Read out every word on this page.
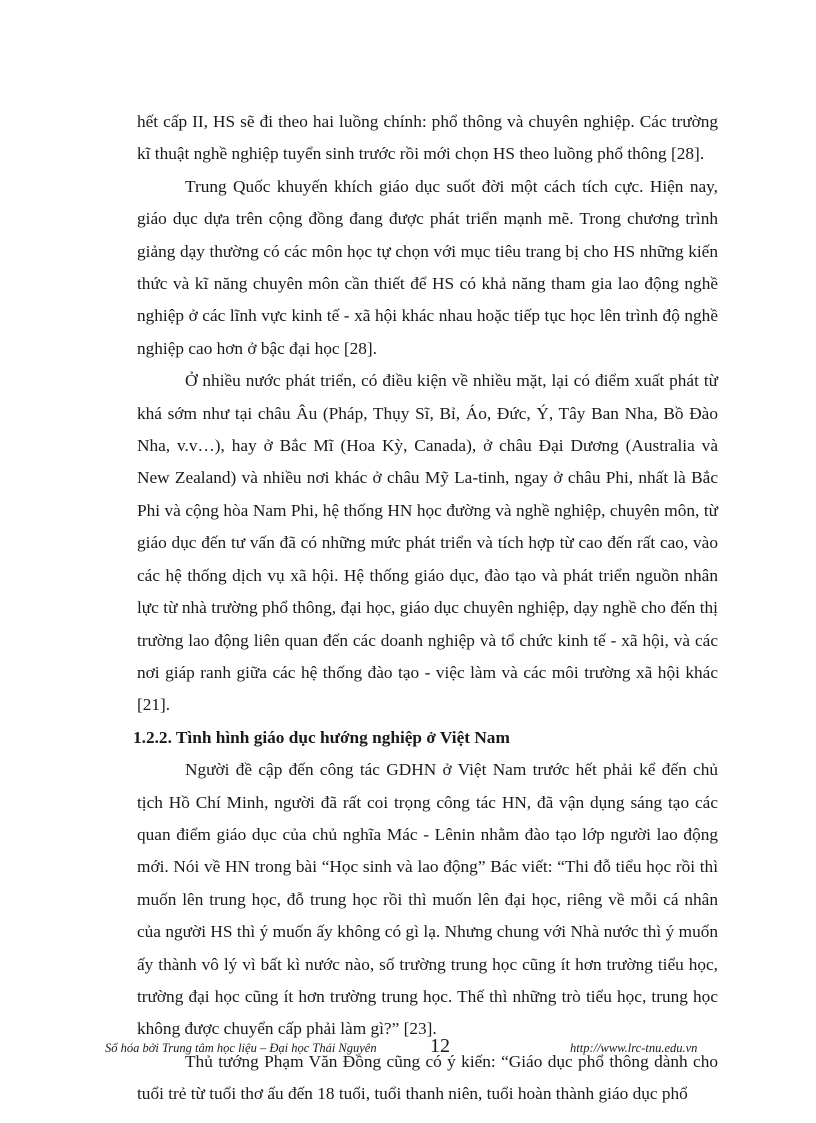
hết cấp II, HS sẽ đi theo hai luồng chính: phổ thông và chuyên nghiệp. Các trường kĩ thuật nghề nghiệp tuyển sinh trước rồi mới chọn HS theo luồng phổ thông [28].

Trung Quốc khuyến khích giáo dục suốt đời một cách tích cực. Hiện nay, giáo dục dựa trên cộng đồng đang được phát triển mạnh mẽ. Trong chương trình giảng dạy thường có các môn học tự chọn với mục tiêu trang bị cho HS những kiến thức và kĩ năng chuyên môn cần thiết để HS có khả năng tham gia lao động nghề nghiệp ở các lĩnh vực kinh tế - xã hội khác nhau hoặc tiếp tục học lên trình độ nghề nghiệp cao hơn ở bậc đại học [28].

Ở nhiều nước phát triển, có điều kiện về nhiều mặt, lại có điểm xuất phát từ khá sớm như tại châu Âu (Pháp, Thụy Sĩ, Bỉ, Áo, Đức, Ý, Tây Ban Nha, Bồ Đào Nha, v.v…), hay ở Bắc Mĩ (Hoa Kỳ, Canada), ở châu Đại Dương (Australia và New Zealand) và nhiều nơi khác ở châu Mỹ La-tinh, ngay ở châu Phi, nhất là Bắc Phi và cộng hòa Nam Phi, hệ thống HN học đường và nghề nghiệp, chuyên môn, từ giáo dục đến tư vấn đã có những mức phát triển và tích hợp từ cao đến rất cao, vào các hệ thống dịch vụ xã hội. Hệ thống giáo dục, đào tạo và phát triển nguồn nhân lực từ nhà trường phổ thông, đại học, giáo dục chuyên nghiệp, dạy nghề cho đến thị trường lao động liên quan đến các doanh nghiệp và tổ chức kinh tế - xã hội, và các nơi giáp ranh giữa các hệ thống đào tạo - việc làm và các môi trường xã hội khác [21].

1.2.2. Tình hình giáo dục hướng nghiệp ở Việt Nam

Người đề cập đến công tác GDHN ở Việt Nam trước hết phải kể đến chủ tịch Hồ Chí Minh, người đã rất coi trọng công tác HN, đã vận dụng sáng tạo các quan điểm giáo dục của chủ nghĩa Mác - Lênin nhằm đào tạo lớp người lao động mới. Nói về HN trong bài “Học sinh và lao động” Bác viết: “Thi đỗ tiểu học rồi thì muốn lên trung học, đỗ trung học rồi thì muốn lên đại học, riêng về mỗi cá nhân của người HS thì ý muốn ấy không có gì lạ. Nhưng chung với Nhà nước thì ý muốn ấy thành vô lý vì bất kì nước nào, số trường trung học cũng ít hơn trường tiểu học, trường đại học cũng ít hơn trường trung học. Thế thì những trò tiểu học, trung học không được chuyển cấp phải làm gì?” [23].

Thủ tướng Phạm Văn Đồng cũng có ý kiến: “Giáo dục phổ thông dành cho tuổi trẻ từ tuổi thơ ấu đến 18 tuổi, tuổi thanh niên, tuổi hoàn thành giáo dục phổ

Số hóa bởi Trung tâm học liệu – Đại học Thái Nguyên	12	http://www.lrc-tnu.edu.vn
